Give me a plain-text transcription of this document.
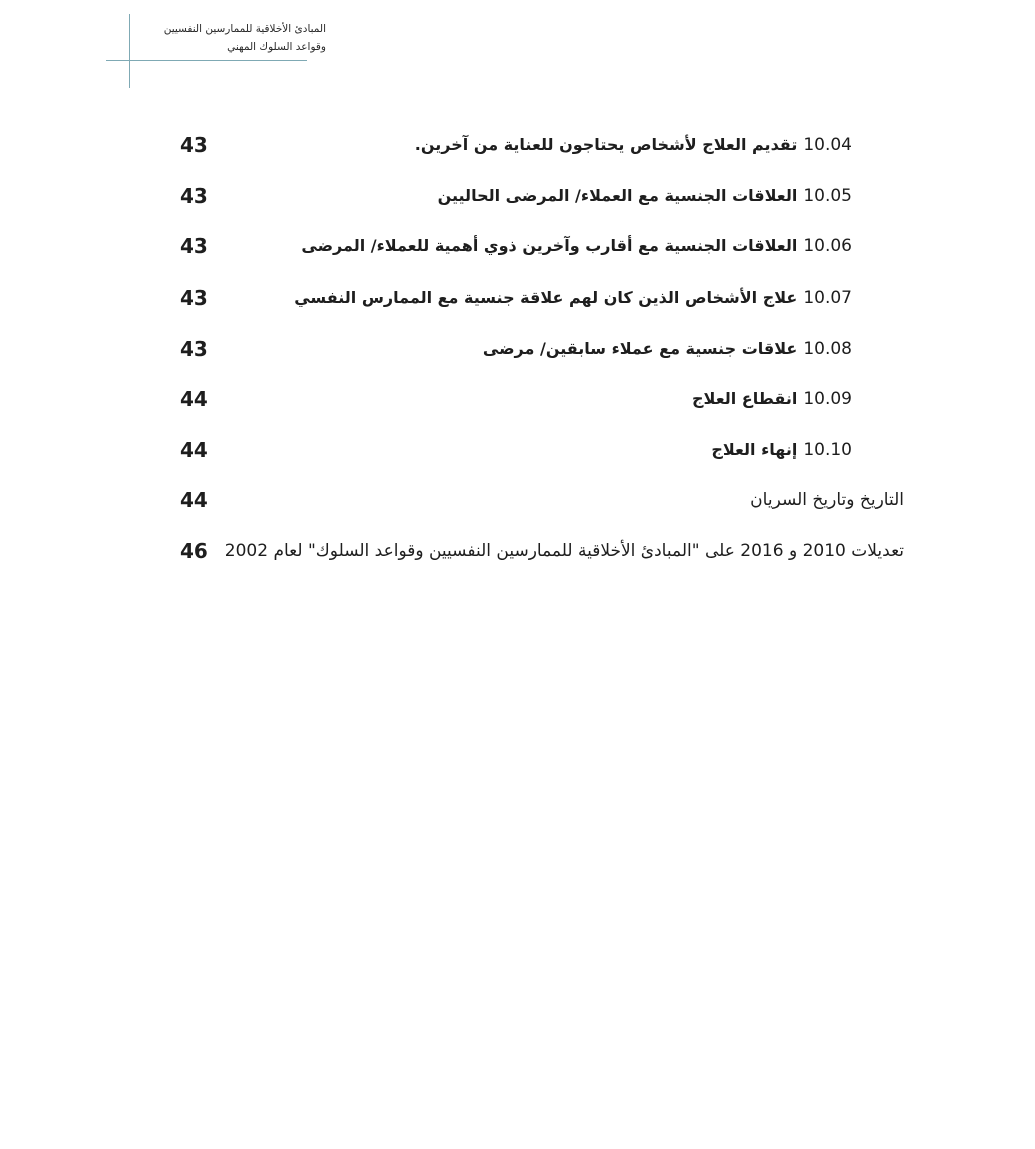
المبادئ الأخلاقية للممارسين النفسيين
وقواعد السلوك المهني
10.04تقديم العلاج لأشخاص يحتاجون للعناية من آخرين.
43
10.05العلاقات الجنسية مع العملاء/ المرضى الحاليين
43
10.06العلاقات الجنسية مع أقارب وآخرين ذوي أهمية للعملاء/ المرضى
43
10.07علاج الأشخاص الذين كان لهم علاقة جنسية مع الممارس النفسي
43
10.08علاقات جنسية مع عملاء سابقين/ مرضى
43
10.09انقطاع العلاج
44
10.10إنهاء العلاج
44
التاريخ وتاريخ السريان
44
تعديلات 2010 و 2016 على "المبادئ الأخلاقية للممارسين النفسيين وقواعد السلوك" لعام 2002
46
